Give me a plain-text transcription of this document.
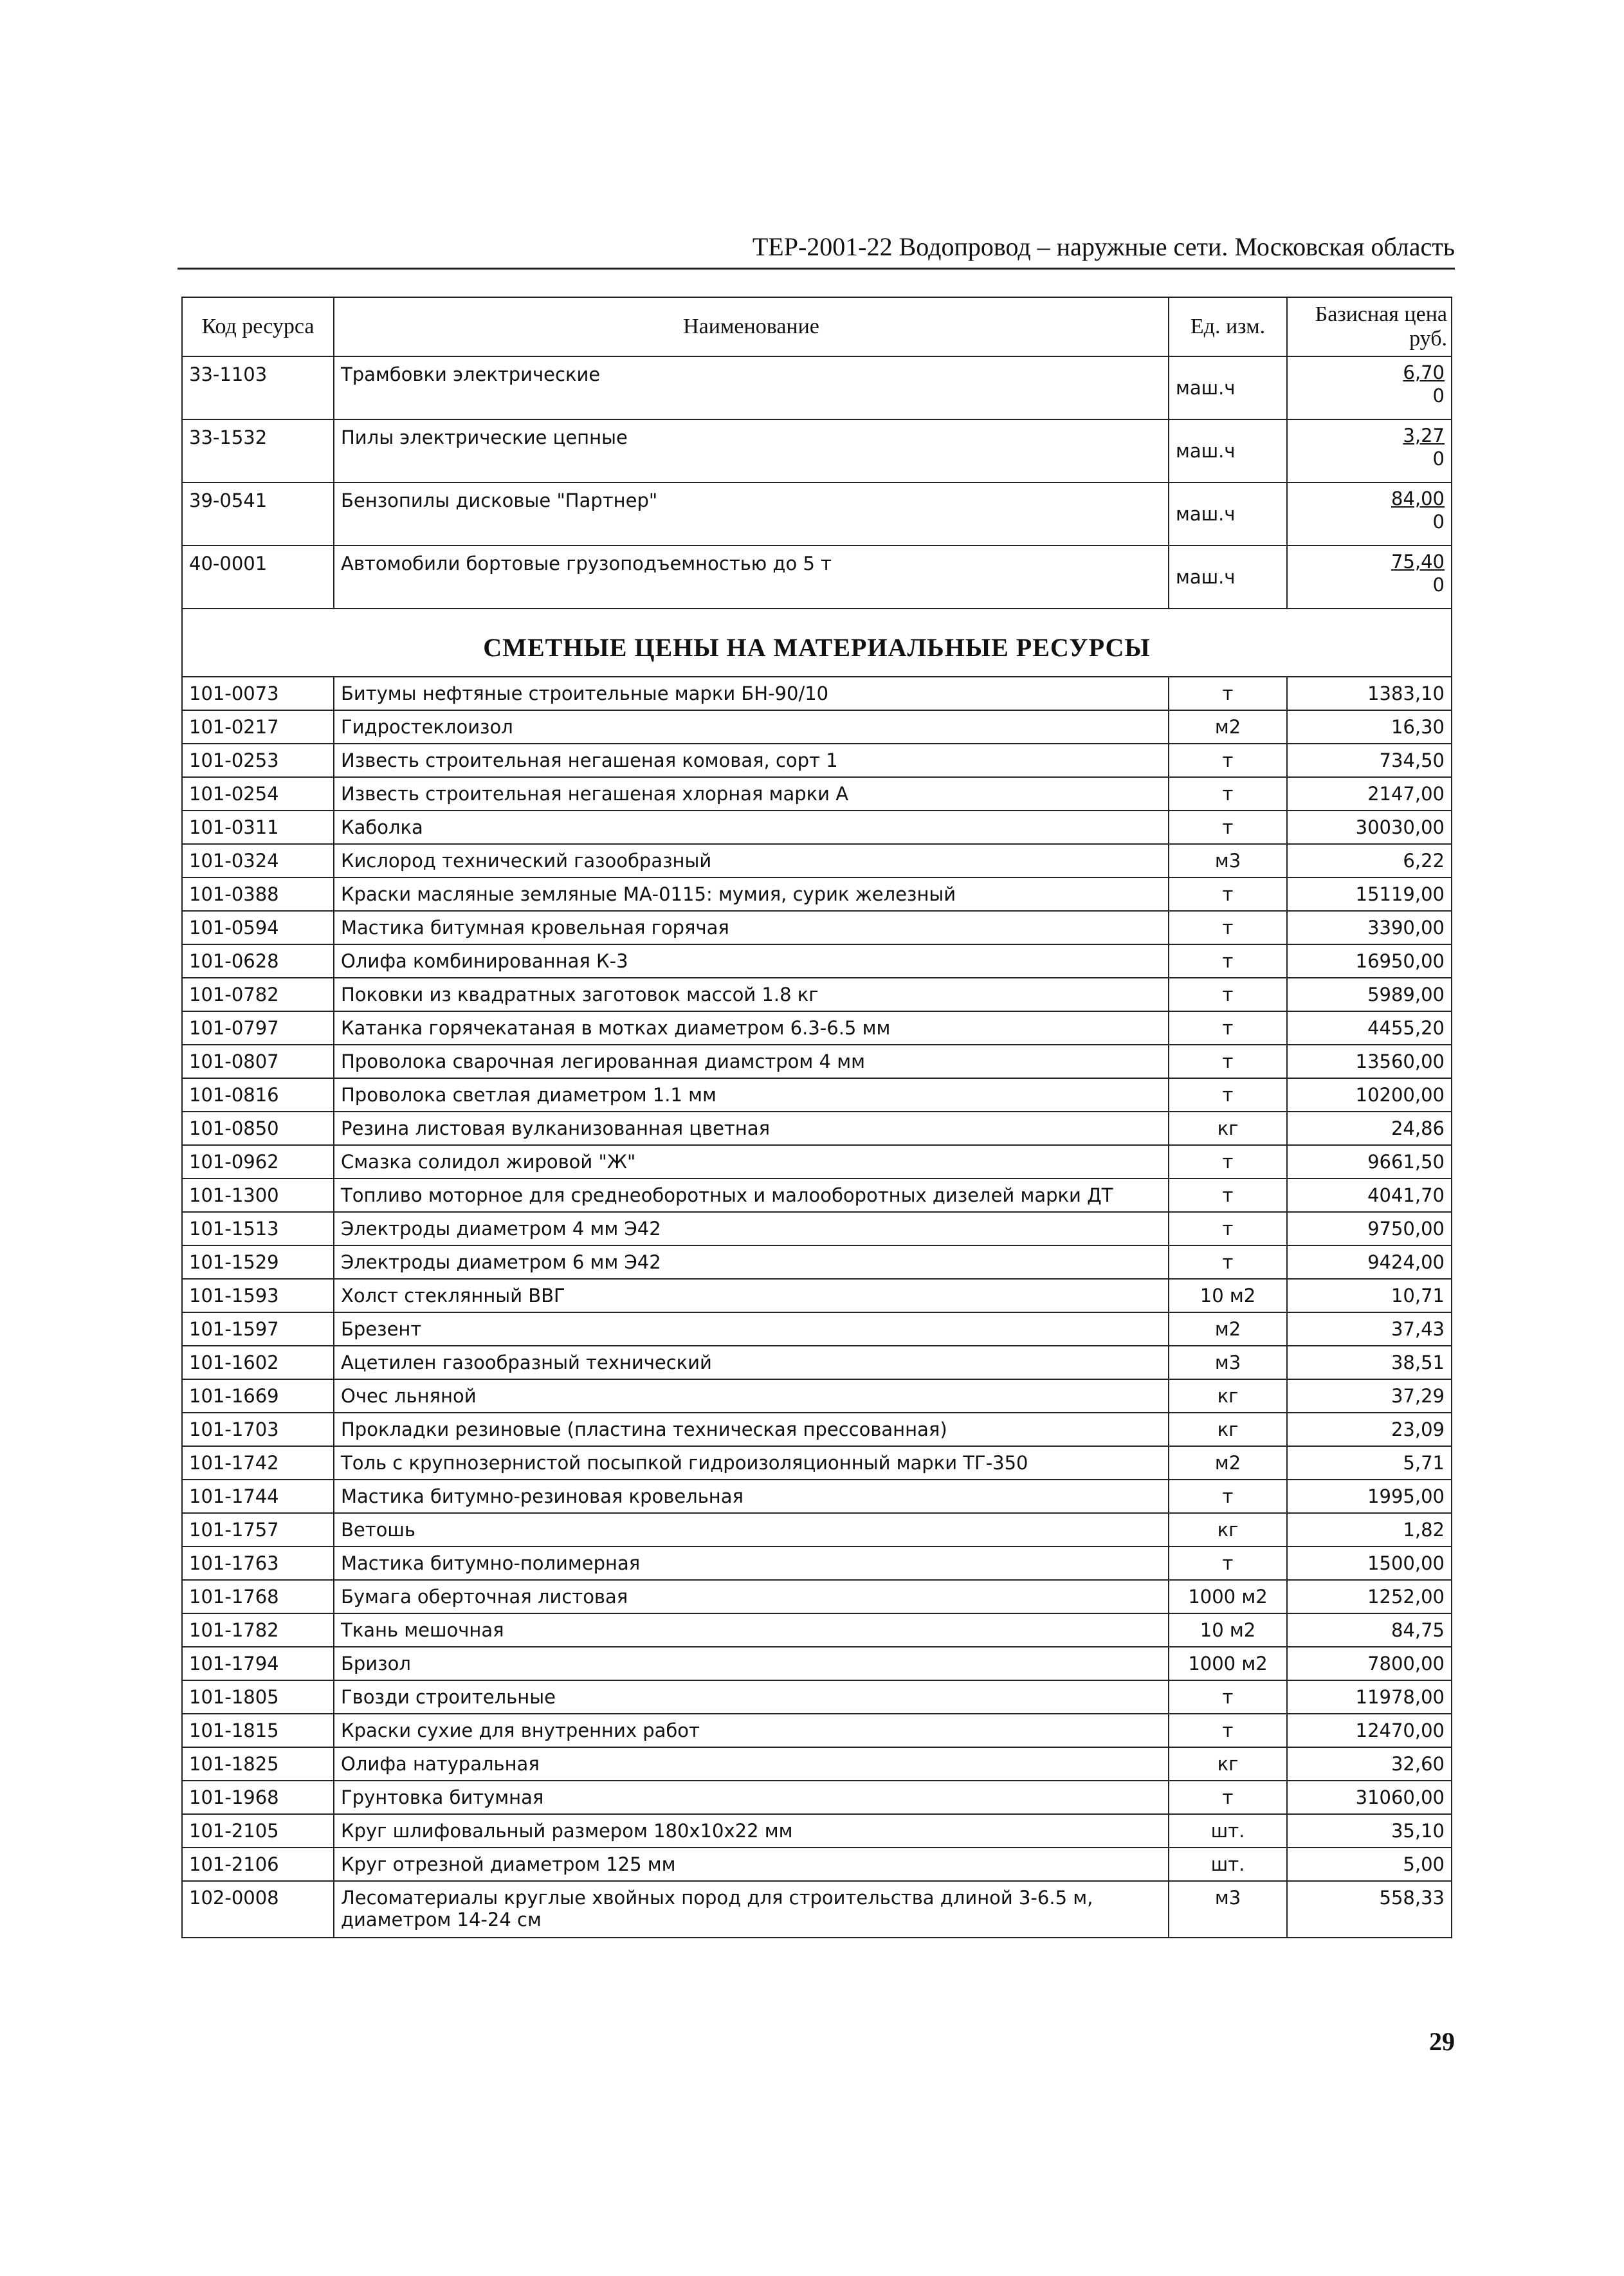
ТЕР-2001-22 Водопровод – наружные сети. Московская область
Код ресурса	Наименование	Ед. изм.	Базисная цена руб.
33-1103	Трамбовки электрические	маш.ч	6,70
0

33-1532	Пилы электрические цепные	маш.ч	3,27
0

39-0541	Бензопилы дисковые "Партнер"	маш.ч	84,00
0

40-0001	Автомобили бортовые грузоподъемностью до 5 т	маш.ч	75,40
0

СМЕТНЫЕ ЦЕНЫ НА МАТЕРИАЛЬНЫЕ РЕСУРСЫ			
101-0073	Битумы нефтяные строительные марки БН-90/10	т	1383,10
101-0217	Гидростеклоизол	м2	16,30
101-0253	Известь строительная негашеная комовая, сорт 1	т	734,50
101-0254	Известь строительная негашеная хлорная марки А	т	2147,00
101-0311	Каболка	т	30030,00
101-0324	Кислород технический газообразный	м3	6,22
101-0388	Краски масляные земляные МА-0115: мумия, сурик железный	т	15119,00
101-0594	Мастика битумная кровельная горячая	т	3390,00
101-0628	Олифа комбинированная К-3	т	16950,00
101-0782	Поковки из квадратных заготовок массой 1.8 кг	т	5989,00
101-0797	Катанка горячекатаная в мотках диаметром 6.3-6.5 мм	т	4455,20
101-0807	Проволока сварочная легированная диамстром 4 мм	т	13560,00
101-0816	Проволока светлая диаметром 1.1 мм	т	10200,00
101-0850	Резина листовая вулканизованная цветная	кг	24,86
101-0962	Смазка солидол жировой "Ж"	т	9661,50
101-1300	Топливо моторное для среднеоборотных и малооборотных дизелей марки ДТ	т	4041,70
101-1513	Электроды диаметром 4 мм Э42	т	9750,00
101-1529	Электроды диаметром 6 мм Э42	т	9424,00
101-1593	Холст стеклянный ВВГ	10 м2	10,71
101-1597	Брезент	м2	37,43
101-1602	Ацетилен газообразный технический	м3	38,51
101-1669	Очес льняной	кг	37,29
101-1703	Прокладки резиновые (пластина техническая прессованная)	кг	23,09
101-1742	Толь с крупнозернистой посыпкой гидроизоляционный марки ТГ-350	м2	5,71
101-1744	Мастика битумно-резиновая кровельная	т	1995,00
101-1757	Ветошь	кг	1,82
101-1763	Мастика битумно-полимерная	т	1500,00
101-1768	Бумага оберточная листовая	1000 м2	1252,00
101-1782	Ткань мешочная	10 м2	84,75
101-1794	Бризол	1000 м2	7800,00
101-1805	Гвозди строительные	т	11978,00
101-1815	Краски сухие для внутренних работ	т	12470,00
101-1825	Олифа натуральная	кг	32,60
101-1968	Грунтовка битумная	т	31060,00
101-2105	Круг шлифовальный размером 180x10x22 мм	шт.	35,10
101-2106	Круг отрезной диаметром 125 мм	шт.	5,00
102-0008	Лесоматериалы круглые хвойных пород для строительства длиной 3-6.5 м, диаметром 14-24 см	м3	558,33
29
